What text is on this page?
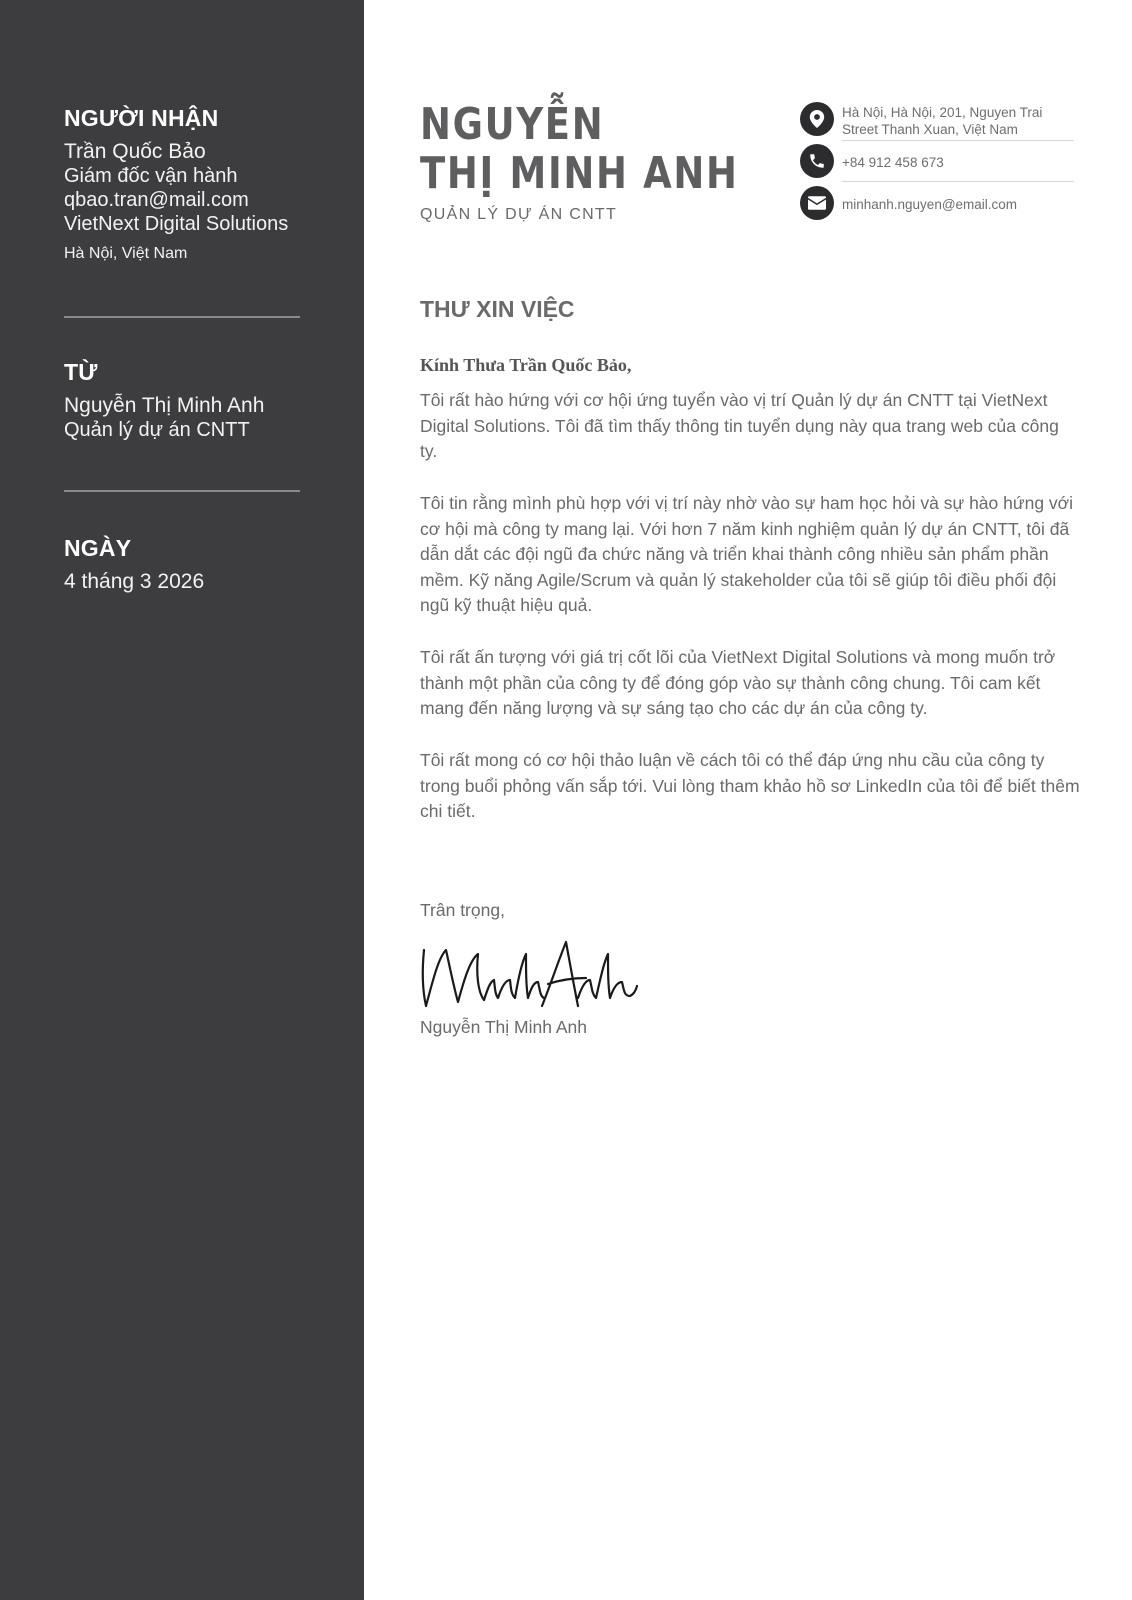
NGƯỜI NHẬN
Trần Quốc Bảo
Giám đốc vận hành
qbao.tran@mail.com
VietNext Digital Solutions
Hà Nội, Việt Nam
TỪ
Nguyễn Thị Minh Anh
Quản lý dự án CNTT
NGÀY
4 tháng 3 2026
NGUYỄN
THỊ MINH ANH
QUẢN LÝ DỰ ÁN CNTT
Hà Nội, Hà Nội, 201, Nguyen Trai Street Thanh Xuan, Việt Nam
+84 912 458 673
minhanh.nguyen@email.com
THƯ XIN VIỆC
Kính Thưa Trần Quốc Bảo,

Tôi rất hào hứng với cơ hội ứng tuyển vào vị trí Quản lý dự án CNTT tại VietNext Digital Solutions. Tôi đã tìm thấy thông tin tuyển dụng này qua trang web của công ty.

Tôi tin rằng mình phù hợp với vị trí này nhờ vào sự ham học hỏi và sự hào hứng với cơ hội mà công ty mang lại. Với hơn 7 năm kinh nghiệm quản lý dự án CNTT, tôi đã dẫn dắt các đội ngũ đa chức năng và triển khai thành công nhiều sản phẩm phần mềm. Kỹ năng Agile/Scrum và quản lý stakeholder của tôi sẽ giúp tôi điều phối đội ngũ kỹ thuật hiệu quả.

Tôi rất ấn tượng với giá trị cốt lõi của VietNext Digital Solutions và mong muốn trở thành một phần của công ty để đóng góp vào sự thành công chung. Tôi cam kết mang đến năng lượng và sự sáng tạo cho các dự án của công ty.

Tôi rất mong có cơ hội thảo luận về cách tôi có thể đáp ứng nhu cầu của công ty trong buổi phỏng vấn sắp tới. Vui lòng tham khảo hồ sơ LinkedIn của tôi để biết thêm chi tiết.

Trân trọng,
Nguyễn Thị Minh Anh
